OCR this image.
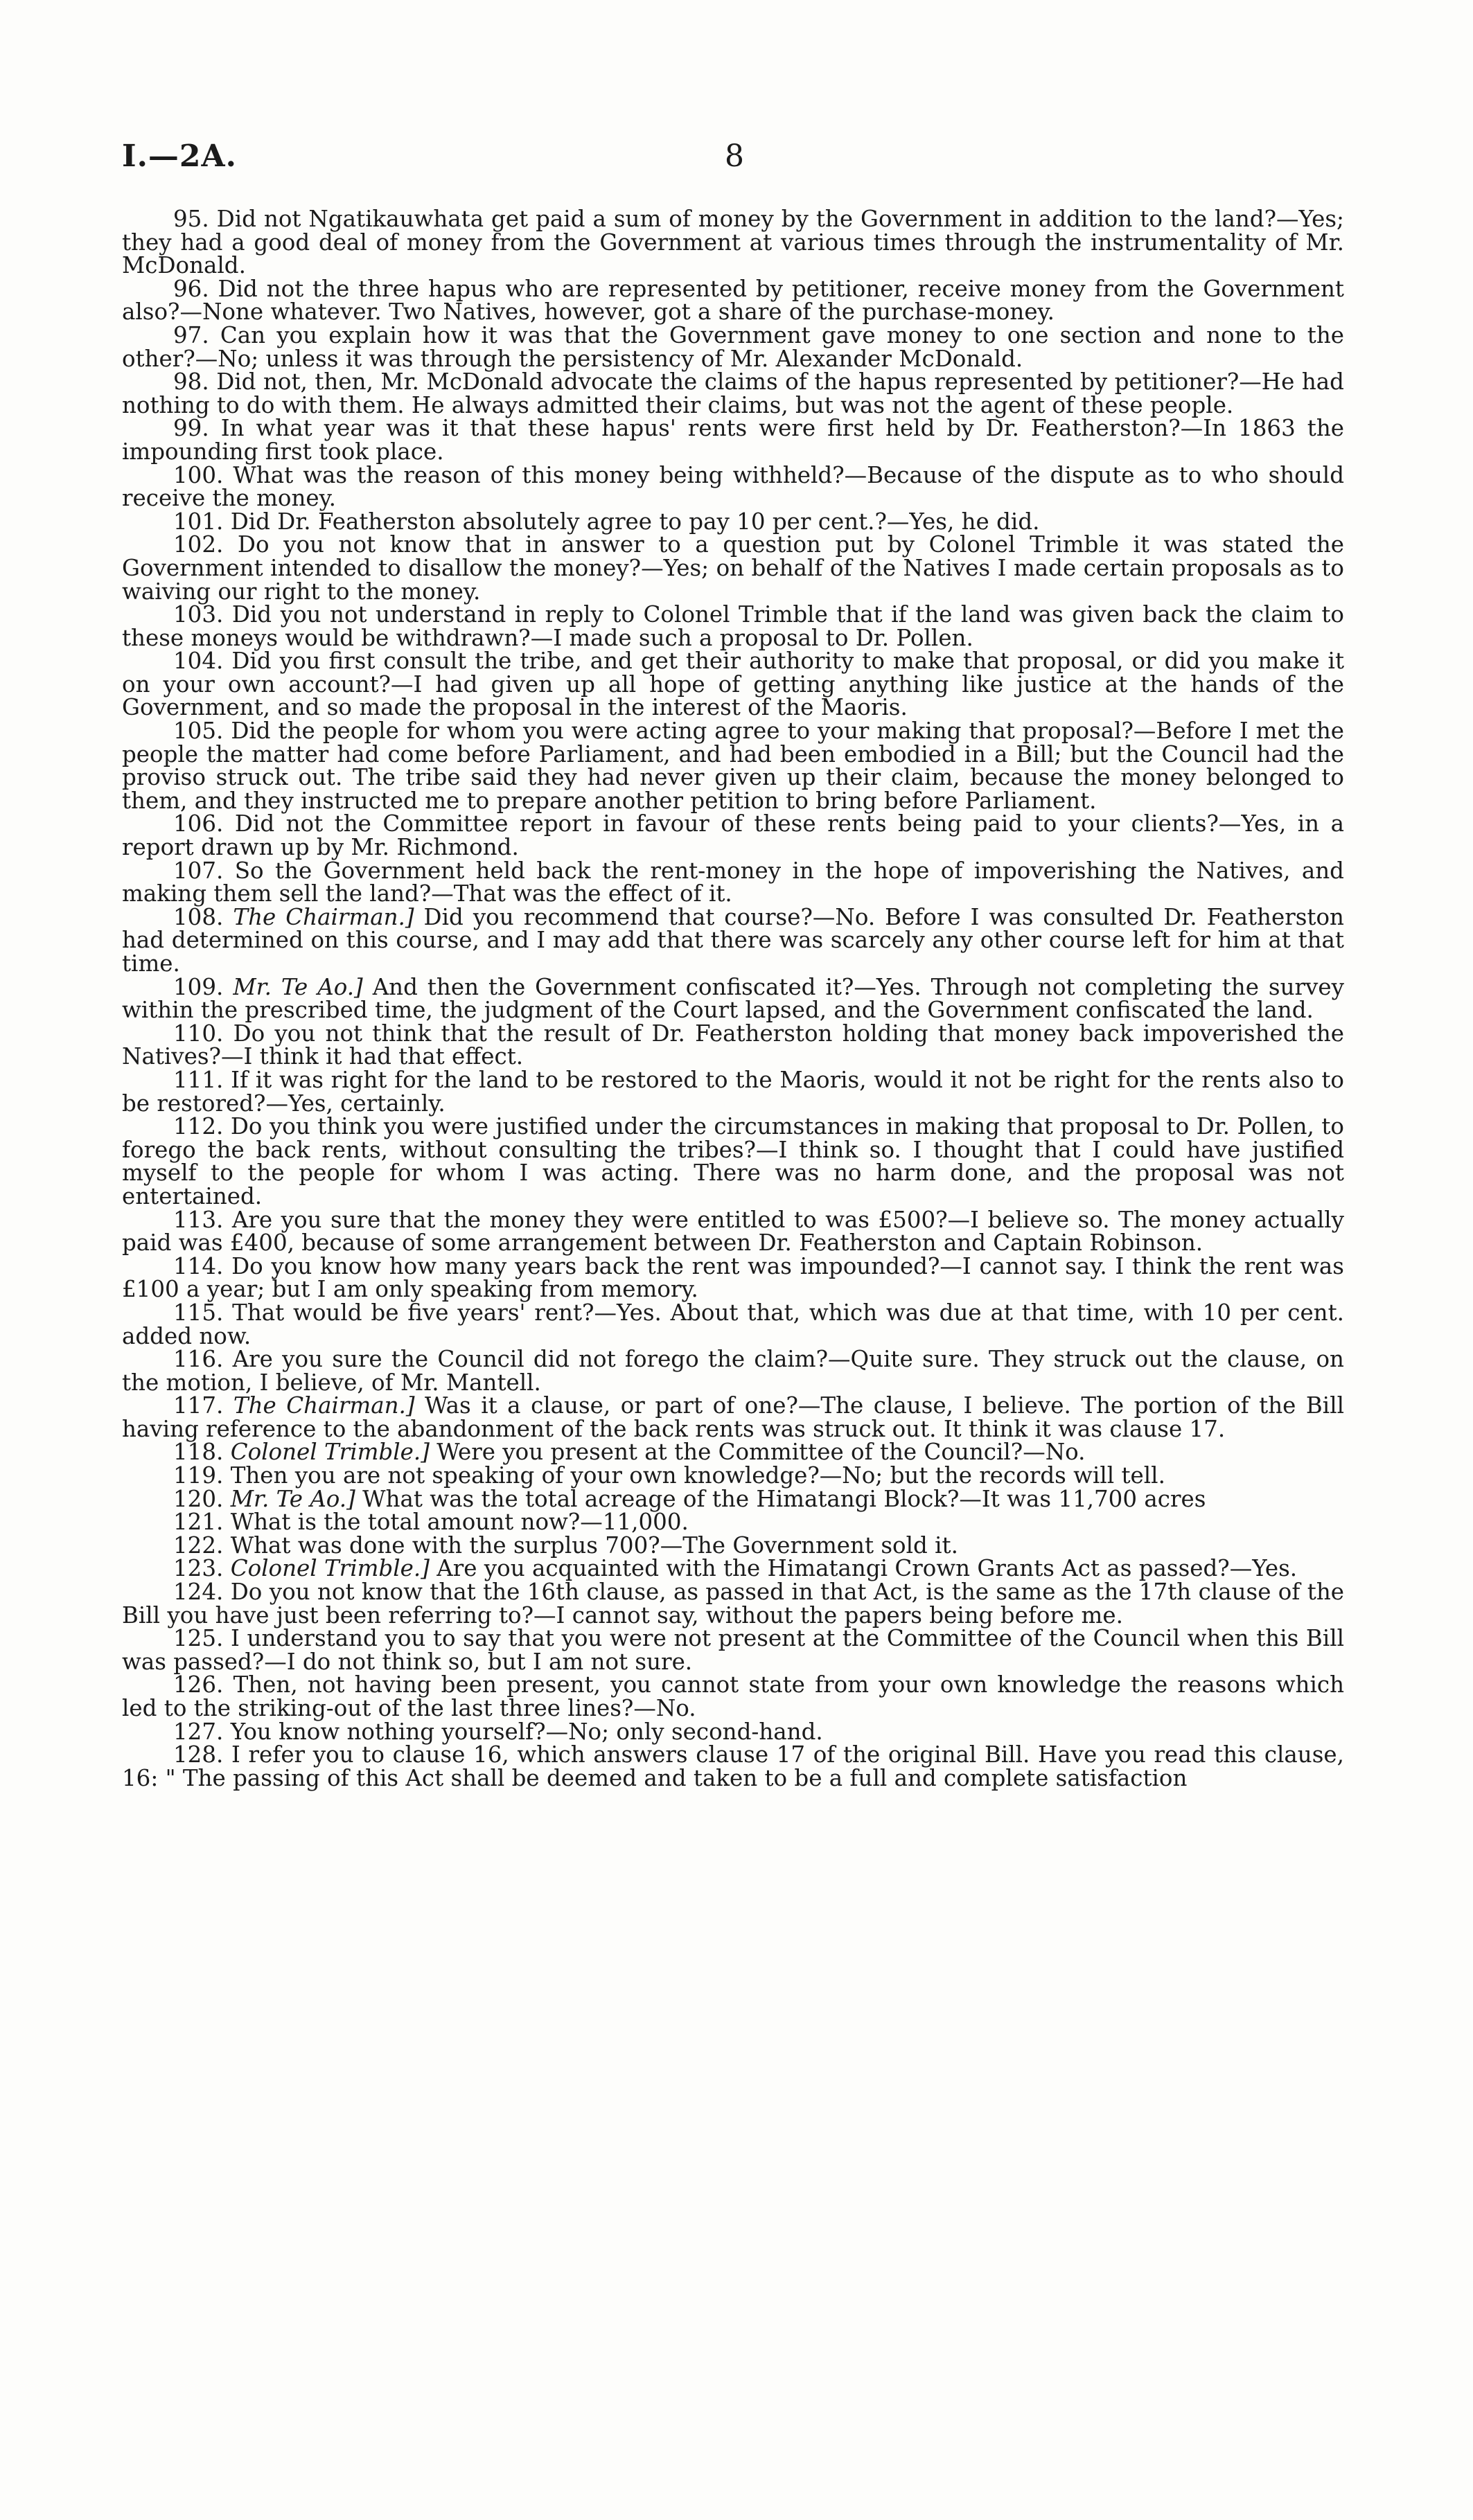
I.—2A.	8

95. Did not Ngatikauwhata get paid a sum of money by the Government in addition to the land?—Yes; they had a good deal of money from the Government at various times through the instrumentality of Mr. McDonald.

96. Did not the three hapus who are represented by petitioner, receive money from the Government also?—None whatever. Two Natives, however, got a share of the purchase-money.

97. Can you explain how it was that the Government gave money to one section and none to the other?—No; unless it was through the persistency of Mr. Alexander McDonald.

98. Did not, then, Mr. McDonald advocate the claims of the hapus represented by petitioner?—He had nothing to do with them. He always admitted their claims, but was not the agent of these people.

99. In what year was it that these hapus' rents were first held by Dr. Featherston?—In 1863 the impounding first took place.

100. What was the reason of this money being withheld?—Because of the dispute as to who should receive the money.

101. Did Dr. Featherston absolutely agree to pay 10 per cent.?—Yes, he did.

102. Do you not know that in answer to a question put by Colonel Trimble it was stated the Government intended to disallow the money?—Yes; on behalf of the Natives I made certain proposals as to waiving our right to the money.

103. Did you not understand in reply to Colonel Trimble that if the land was given back the claim to these moneys would be withdrawn?—I made such a proposal to Dr. Pollen.

104. Did you first consult the tribe, and get their authority to make that proposal, or did you make it on your own account?—I had given up all hope of getting anything like justice at the hands of the Government, and so made the proposal in the interest of the Maoris.

105. Did the people for whom you were acting agree to your making that proposal?—Before I met the people the matter had come before Parliament, and had been embodied in a Bill; but the Council had the proviso struck out. The tribe said they had never given up their claim, because the money belonged to them, and they instructed me to prepare another petition to bring before Parliament.

106. Did not the Committee report in favour of these rents being paid to your clients?—Yes, in a report drawn up by Mr. Richmond.

107. So the Government held back the rent-money in the hope of impoverishing the Natives, and making them sell the land?—That was the effect of it.

108. The Chairman.] Did you recommend that course?—No. Before I was consulted Dr. Featherston had determined on this course, and I may add that there was scarcely any other course left for him at that time.

109. Mr. Te Ao.] And then the Government confiscated it?—Yes. Through not completing the survey within the prescribed time, the judgment of the Court lapsed, and the Government confiscated the land.

110. Do you not think that the result of Dr. Featherston holding that money back impoverished the Natives?—I think it had that effect.

111. If it was right for the land to be restored to the Maoris, would it not be right for the rents also to be restored?—Yes, certainly.

112. Do you think you were justified under the circumstances in making that proposal to Dr. Pollen, to forego the back rents, without consulting the tribes?—I think so. I thought that I could have justified myself to the people for whom I was acting. There was no harm done, and the proposal was not entertained.

113. Are you sure that the money they were entitled to was £500?—I believe so. The money actually paid was £400, because of some arrangement between Dr. Featherston and Captain Robinson.

114. Do you know how many years back the rent was impounded?—I cannot say. I think the rent was £100 a year; but I am only speaking from memory.

115. That would be five years' rent?—Yes. About that, which was due at that time, with 10 per cent. added now.

116. Are you sure the Council did not forego the claim?—Quite sure. They struck out the clause, on the motion, I believe, of Mr. Mantell.

117. The Chairman.] Was it a clause, or part of one?—The clause, I believe. The portion of the Bill having reference to the abandonment of the back rents was struck out. It think it was clause 17.

118. Colonel Trimble.] Were you present at the Committee of the Council?—No.

119. Then you are not speaking of your own knowledge?—No; but the records will tell.

120. Mr. Te Ao.] What was the total acreage of the Himatangi Block?—It was 11,700 acres

121. What is the total amount now?—11,000.

122. What was done with the surplus 700?—The Government sold it.

123. Colonel Trimble.] Are you acquainted with the Himatangi Crown Grants Act as passed?—Yes.

124. Do you not know that the 16th clause, as passed in that Act, is the same as the 17th clause of the Bill you have just been referring to?—I cannot say, without the papers being before me.

125. I understand you to say that you were not present at the Committee of the Council when this Bill was passed?—I do not think so, but I am not sure.

126. Then, not having been present, you cannot state from your own knowledge the reasons which led to the striking-out of the last three lines?—No.

127. You know nothing yourself?—No; only second-hand.

128. I refer you to clause 16, which answers clause 17 of the original Bill. Have you read this clause, 16: " The passing of this Act shall be deemed and taken to be a full and complete satisfaction
